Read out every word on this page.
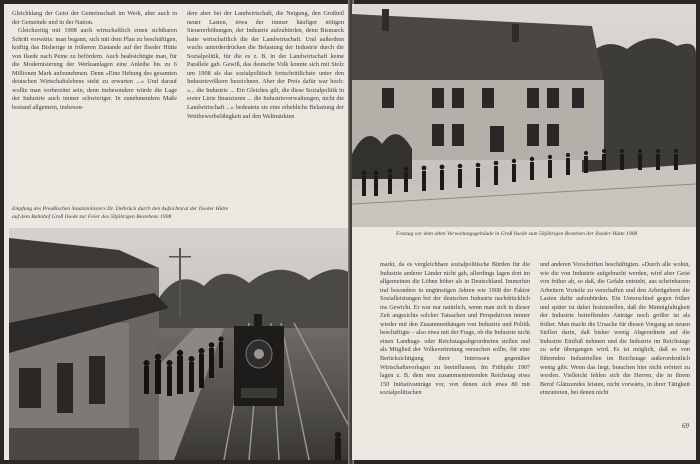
Gleichklang der Geist der Gemeinschaft im Werk, aber auch in der Gemeinde und in der Nation.

Gleichzeitig mit 1908 auch wirtschaftlich einen sichtbaren Schritt vorwärts: man begann, sich mit dem Plan zu beschäftigen, kräftig das Bisherige in früheren Zustande auf der Ilseder Hütte von Ilsede nach Peine zu befördern. Auch beabsichtigte man, für die Modernisierung der Werksanlagen eine Anleihe bis zu 6 Millionen Mark aufzunehmen. Denn »Eine Hebung des gesamten deutschen Wirtschaftslebens steht zu erwarten ...« Und darauf wollte man vorbereitet sein, denn insbesondere würde die Lage der Industrie auch immer schwieriger. In zunehmendem Maße bestand allgemein, insbeson-

dere aber bei der Landwirtschaft, die Neigung, den Großteil neuer Lasten, etwa der immer häufiger nötigen Steuererhöhungen, der Industrie aufzubürden, denn Bismarck hatte wirtschaftlich die der Landwirtschaft. Und außerdem wuchs unterderdrücken die Belastung der Industrie durch die Sozialpolitik, für die es z. B. in der Landwirtschaft keine Parallele gab. Gewiß, das deutsche Volk konnte sich mit Stolz um 1908 als das sozialpolitisch fortschrittlichste unter den Industrievölkern bezeichnen. Aber der Preis dafür war hoch: »... die Industrie ... Ein Gleiches gilt, die diese Sozialpolitik in erster Linie finanzieren ... die Industrieverwaltungen, nicht die Landwirtschaft ...« bedeutete sie eine erhebliche Belastung der Wettbewerbsfähigkeit auf den Weltmärkten

Empfang des Preußischen Staatsministers Dr. Delbrück durch den Aufsichtsrat der Ilseder Hütte
auf dem Bahnhof Groß Ilsede zur Feier des 50jährigen Bestehens 1908
Festzug vor dem alten Verwaltungsgebäude in Groß Ilsede zum 50jährigen Bestehen der Ilseder Hütte 1908

markt, da es vergleichbare sozialpolitische Bürden für die Industrie anderer Länder nicht gab, allerdings lagen dort im allgemeinen die Löhne höher als in Deutschland. Immerhin traf besonders in ungünstigen Jahren wie 1908 der Faktor Sozialleistungen bei der deutschen Industrie nachdrücklich ins Gewicht. Er war nur natürlich, wenn man sich in dieser Zeit angesichts solcher Tatsachen und Perspektiven immer wieder mit den Zusammenhängen von Industrie und Politik beschäftigte – also etwa mit der Frage, ob die Industrie nicht einen Landtags- oder Reichstagsabgeordneten stellen und als Mitglied der Volksvertretung versuchen sollte, für eine Berücksichtigung ihrer Interessen gegenüber Wirtschaftsvorlagen zu beeinflussen. Im Frühjahr 1907 lagen z. B. dem neu zusammentretenden Reichstag etwa 150 Initiativanträge vor, von denen sich etwa 80 mit sozialpolitischen

und anderen Vorschriften beschäftigten. »Durch alle wohin, wie die von Industrie aufgebracht werden, wird aber Geist von früher ab, so daß, die Gefahr entsteht, aus scheinbarem Arbeitern Vorteile zu verschaffen und den Arbeitgebern die Lasten dafür aufzubürden. Ein Unterschied gegen früher und später ist dabei festzustellen, daß die Mannigfaltigkeit der Industrie betreffenden Anträge noch größer ist als früher. Man macht die Ursache für diesen Vorgang an neuen Stellen darin, daß bisher wenig Abgeordnete auf die Industrie Einfluß nehmen und die Industrie im Reichstage zu sehr übergangen wird. Es ist möglich, daß es von führenden Industriellen im Reichstage außerordentlich wenig gibt. Wenn das liegt, brauchen hier nicht erörtert zu werden. Vielleicht fehlen sich die Herren, die in ihrem Beruf Glänzendes leisten, nicht vorwärts, in ihrer Tätigkeit einzutreten, bei denen nicht

69
